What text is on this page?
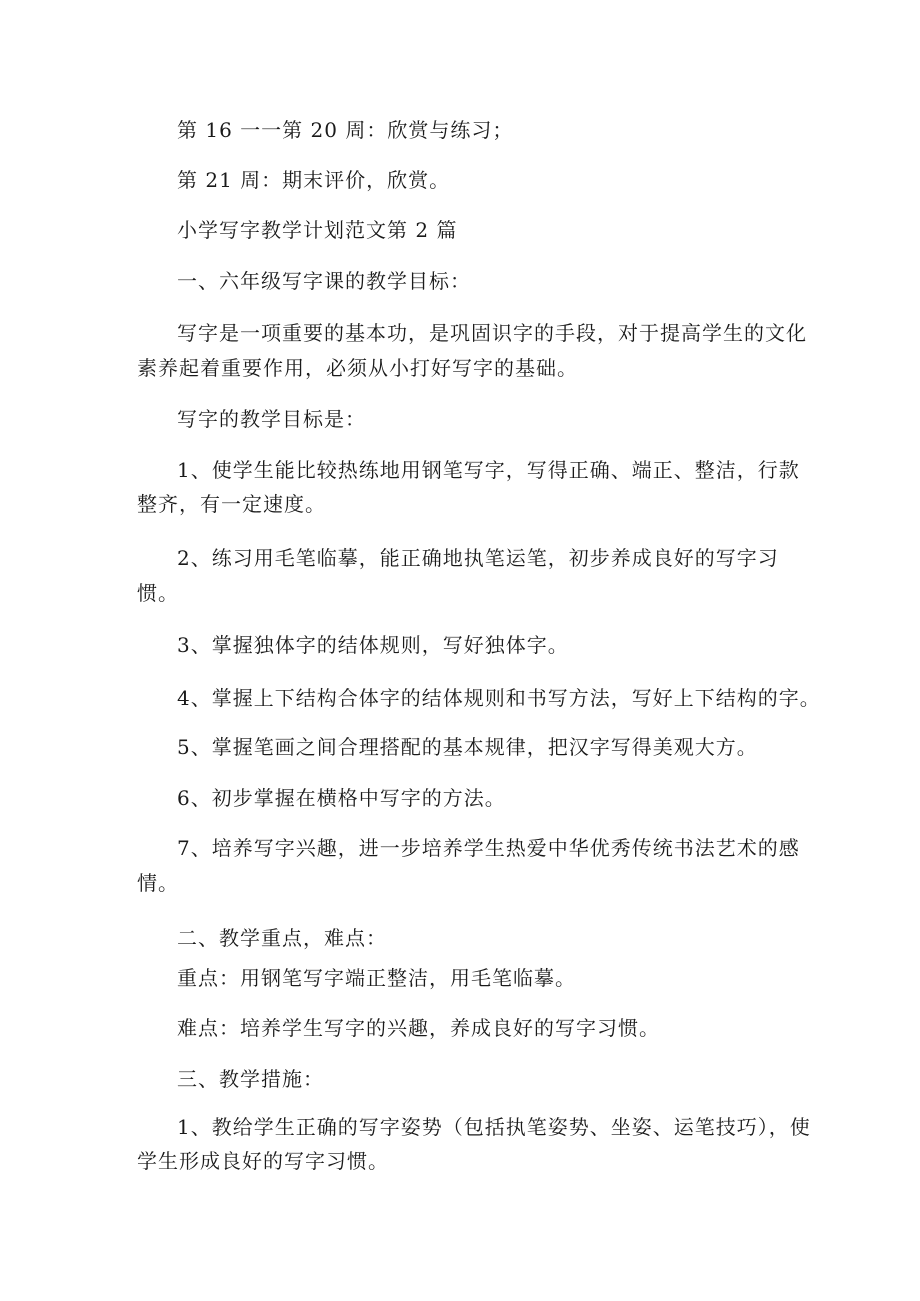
第 16 一一第 20 周：欣赏与练习；
第 21 周：期末评价，欣赏。
小学写字教学计划范文第 2 篇
一、六年级写字课的教学目标：
写字是一项重要的基本功，是巩固识字的手段，对于提高学生的文化
素养起着重要作用，必须从小打好写字的基础。
写字的教学目标是：
1、使学生能比较热练地用钢笔写字，写得正确、端正、整洁，行款
整齐，有一定速度。
2、练习用毛笔临摹，能正确地执笔运笔，初步养成良好的写字习
惯。
3、掌握独体字的结体规则，写好独体字。
4、掌握上下结构合体字的结体规则和书写方法，写好上下结构的字。
5、掌握笔画之间合理搭配的基本规律，把汉字写得美观大方。
6、初步掌握在横格中写字的方法。
7、培养写字兴趣，进一步培养学生热爱中华优秀传统书法艺术的感
情。
二、教学重点，难点：
重点：用钢笔写字端正整洁，用毛笔临摹。
难点：培养学生写字的兴趣，养成良好的写字习惯。
三、教学措施：
1、教给学生正确的写字姿势（包括执笔姿势、坐姿、运笔技巧），使
学生形成良好的写字习惯。
